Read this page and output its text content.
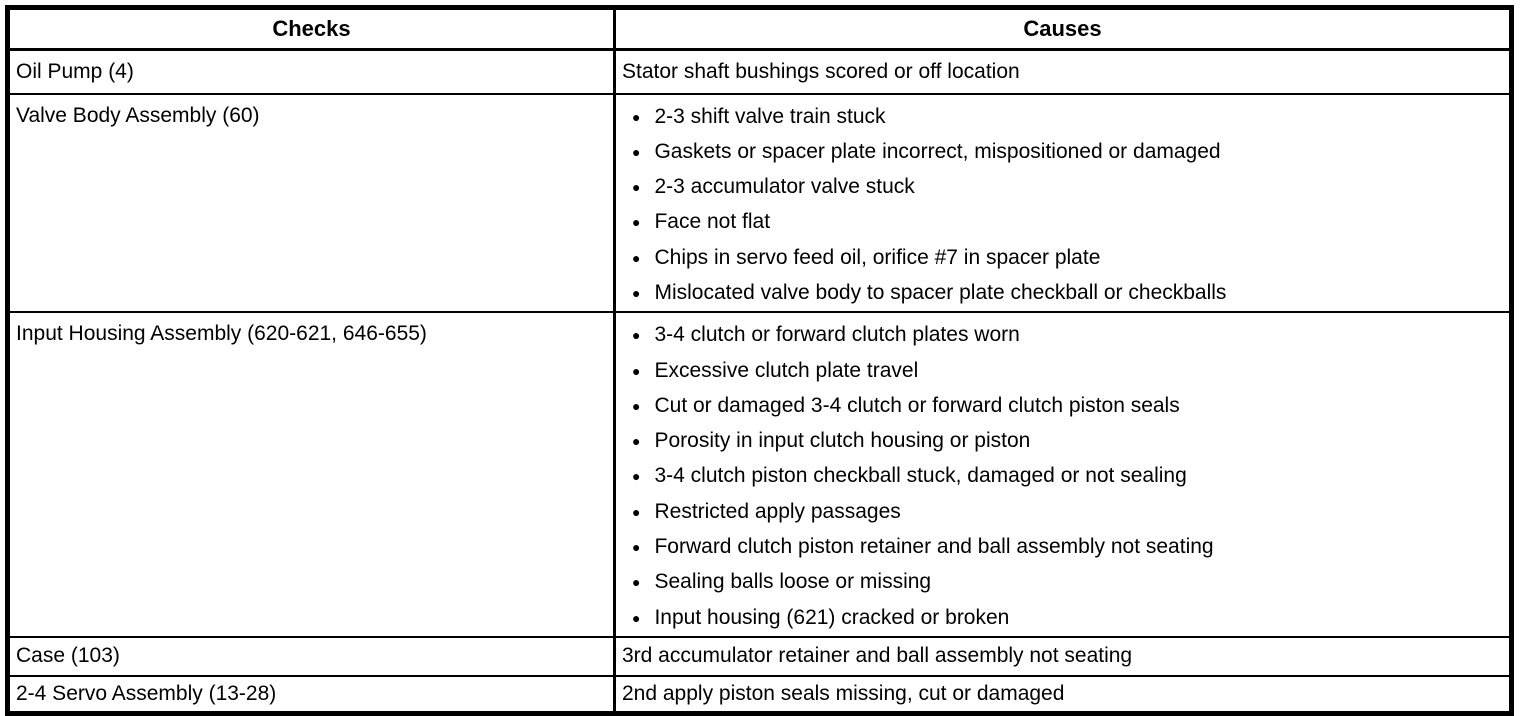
Checks	Causes
Oil Pump (4)	Stator shaft bushings scored or off location
Valve Body Assembly (60)	
●2-3 shift valve train stuck
● Gaskets or spacer plate incorrect, mispositioned or damaged
● 2-3 accumulator valve stuck
● Face not flat
● Chips in servo feed oil, orifice #7 in spacer plate
● Mislocated valve body to spacer plate checkball or checkballs

Input Housing Assembly (620-621, 646-655)	
●3-4 clutch or forward clutch plates worn
● Excessive clutch plate travel
● Cut or damaged 3-4 clutch or forward clutch piston seals
● Porosity in input clutch housing or piston
● 3-4 clutch piston checkball stuck, damaged or not sealing
● Restricted apply passages
● Forward clutch piston retainer and ball assembly not seating
● Sealing balls loose or missing
● Input housing (621) cracked or broken

Case (103)	3rd accumulator retainer and ball assembly not seating
2-4 Servo Assembly (13-28)	2nd apply piston seals missing, cut or damaged
